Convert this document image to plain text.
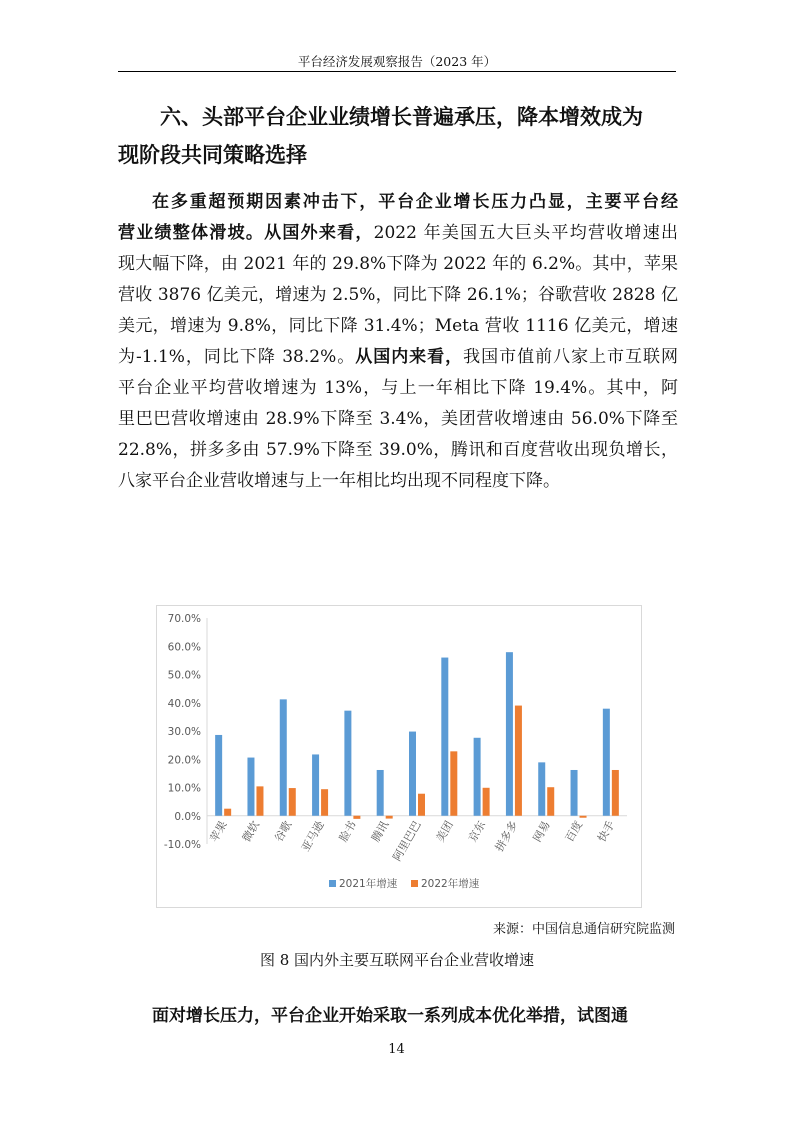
平台经济发展观察报告（2023 年）
六、头部平台企业业绩增长普遍承压，降本增效成为
现阶段共同策略选择
在多重超预期因素冲击下，平台企业增长压力凸显，主要平台经
营业绩整体滑坡。从国外来看，2022 年美国五大巨头平均营收增速出
现大幅下降，由 2021 年的 29.8%下降为 2022 年的 6.2%。其中，苹果
营收 3876 亿美元，增速为 2.5%，同比下降 26.1%；谷歌营收 2828 亿
美元，增速为 9.8%，同比下降 31.4%；Meta 营收 1116 亿美元，增速
为-1.1%，同比下降 38.2%。从国内来看，我国市值前八家上市互联网
平台企业平均营收增速为 13%，与上一年相比下降 19.4%。其中，阿
里巴巴营收增速由 28.9%下降至 3.4%，美团营收增速由 56.0%下降至
22.8%，拼多多由 57.9%下降至 39.0%，腾讯和百度营收出现负增长，
八家平台企业营收增速与上一年相比均出现不同程度下降。
-10.0%
0.0%
10.0%
20.0%
30.0%
40.0%
50.0%
60.0%
70.0%
苹果 微软 谷歌 亚马逊 脸书 腾讯 阿里巴巴 美团 京东 拼多多 网易 百度 快手
2021年增速 2022年增速
来源：中国信息通信研究院监测
图 8 国内外主要互联网平台企业营收增速
面对增长压力，平台企业开始采取一系列成本优化举措，试图通
14
